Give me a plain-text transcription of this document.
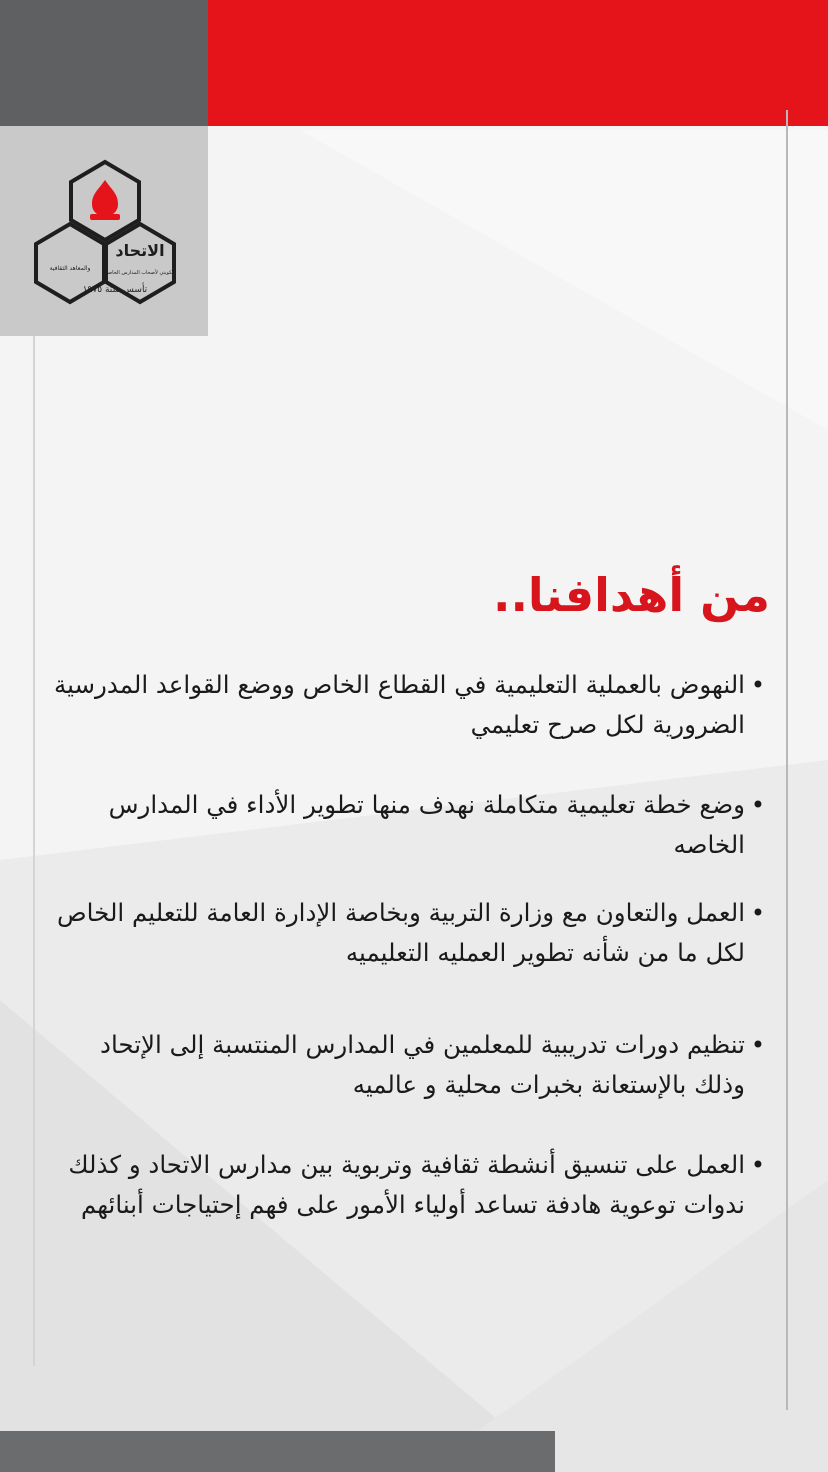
الاتحاد
الكويتي لأصحاب المدارس الخاصة
والمعاهد الثقافية
تأسس سنة ١٩٧٥
من أهدافنا..
•
النهوض بالعملية التعليمية في القطاع الخاص ووضع القواعد المدرسية الضرورية لكل صرح تعليمي
•
وضع خطة تعليمية متكاملة نهدف منها تطوير الأداء في المدارس الخاصه
•
العمل والتعاون مع وزارة التربية وبخاصة الإدارة العامة للتعليم الخاص لكل ما من شأنه تطوير العمليه التعليميه
•
تنظيم دورات تدريبية للمعلمين في المدارس المنتسبة إلى الإتحاد وذلك بالإستعانة بخبرات محلية و عالميه
•
العمل على تنسيق أنشطة ثقافية وتربوية بين مدارس الاتحاد و كذلك ندوات توعوية هادفة تساعد أولياء الأمور على فهم إحتياجات أبنائهم
